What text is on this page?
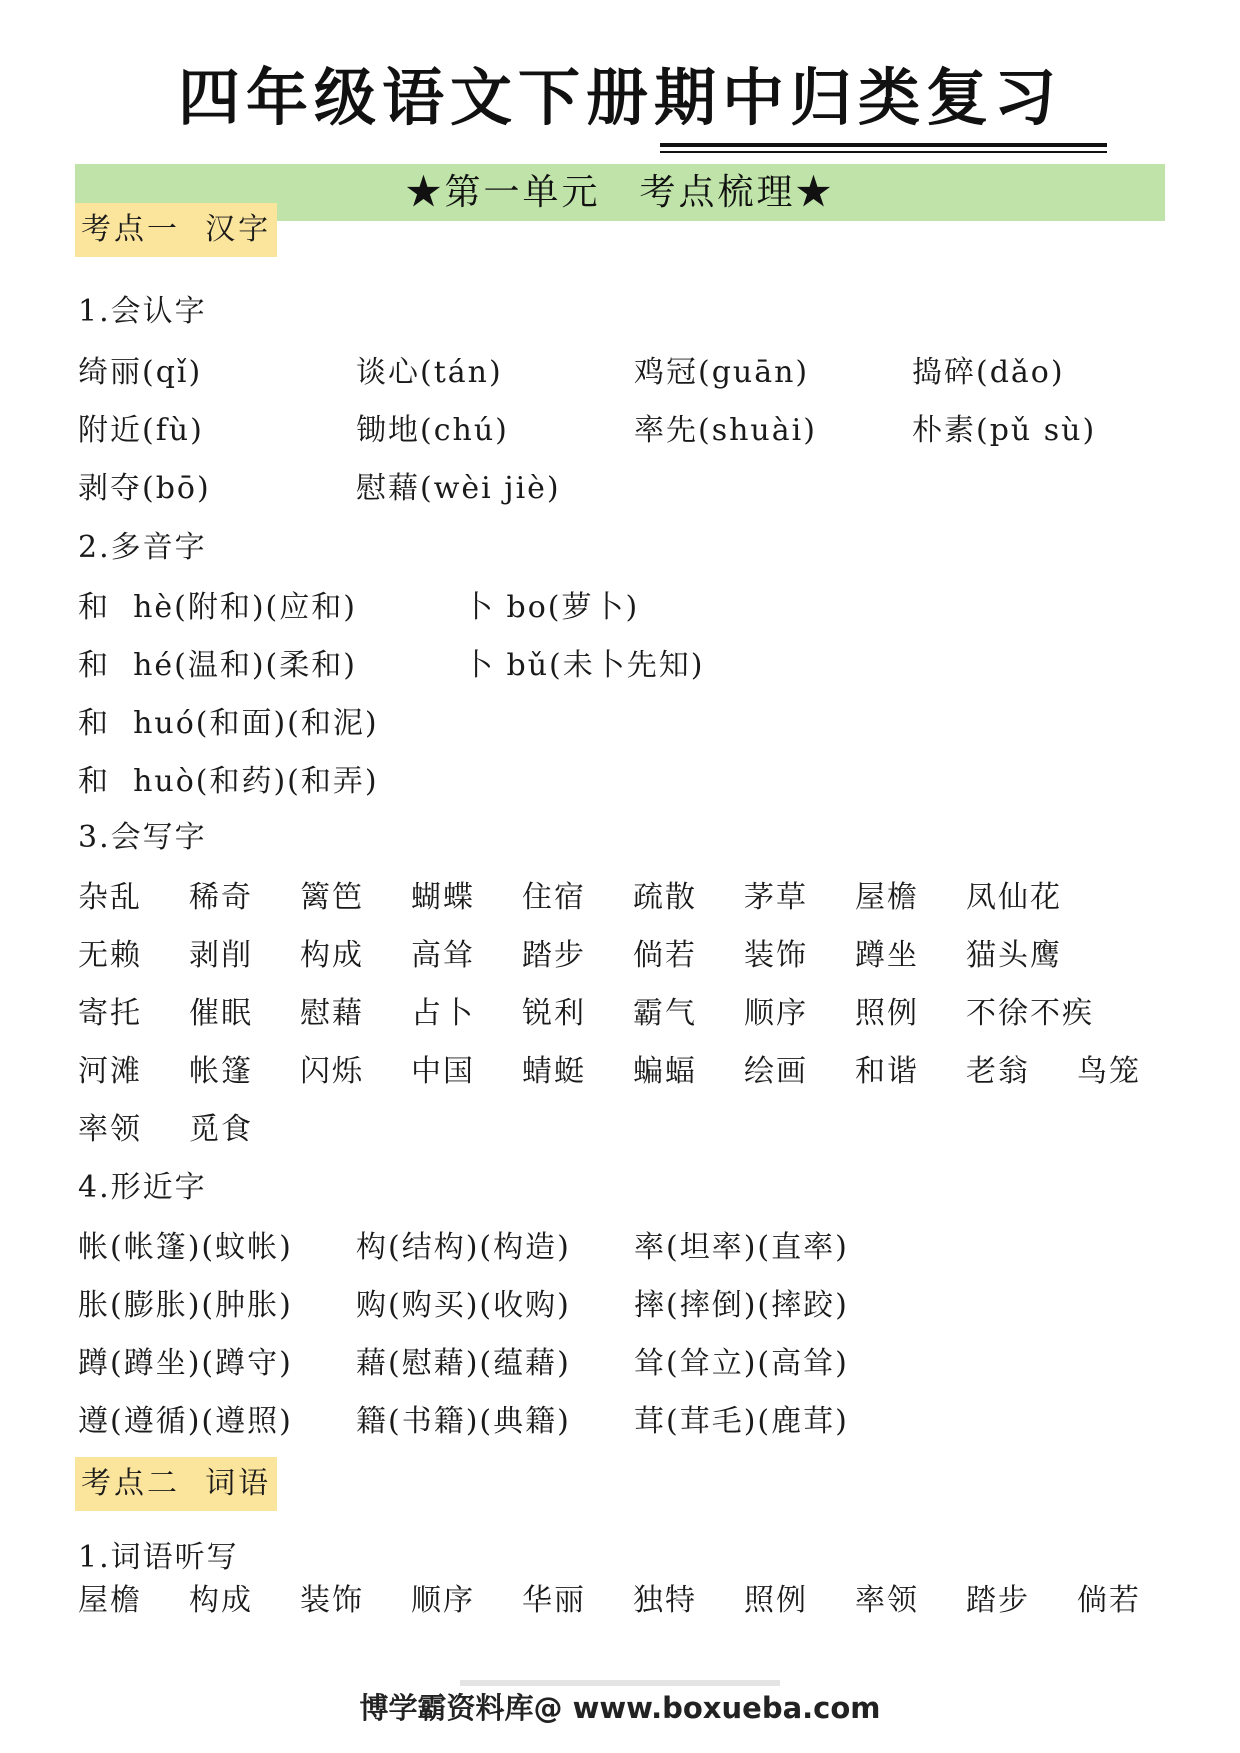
四年级语文下册期中归类复习
★第一单元　考点梳理★
考点一  汉字
1.会认字
绮丽(qǐ)	谈心(tán)	鸡冠(guān)	捣碎(dǎo)
附近(fù)	锄地(chú)	率先(shuài)	朴素(pǔ sù)
剥夺(bō)	慰藉(wèi jiè)
2.多音字
和  hè(附和)(应和)	卜 bo(萝卜)
和  hé(温和)(柔和)	卜 bǔ(未卜先知)
和  huó(和面)(和泥)
和  huò(和药)(和弄)
3.会写字
杂乱 稀奇 篱笆 蝴蝶 住宿 疏散 茅草 屋檐 凤仙花
无赖 剥削 构成 高耸 踏步 倘若 装饰 蹲坐 猫头鹰
寄托 催眠 慰藉 占卜 锐利 霸气 顺序 照例 不徐不疾
河滩 帐篷 闪烁 中国 蜻蜓 蝙蝠 绘画 和谐 老翁 鸟笼
率领 觅食
4.形近字
帐(帐篷)(蚊帐) 构(结构)(构造) 率(坦率)(直率)
胀(膨胀)(肿胀) 购(购买)(收购) 摔(摔倒)(摔跤)
蹲(蹲坐)(蹲守) 藉(慰藉)(蕴藉) 耸(耸立)(高耸)
遵(遵循)(遵照) 籍(书籍)(典籍) 茸(茸毛)(鹿茸)
考点二  词语
1.词语听写
屋檐 构成 装饰 顺序 华丽 独特 照例 率领 踏步 倘若
博学霸资料库@ www.boxueba.com
